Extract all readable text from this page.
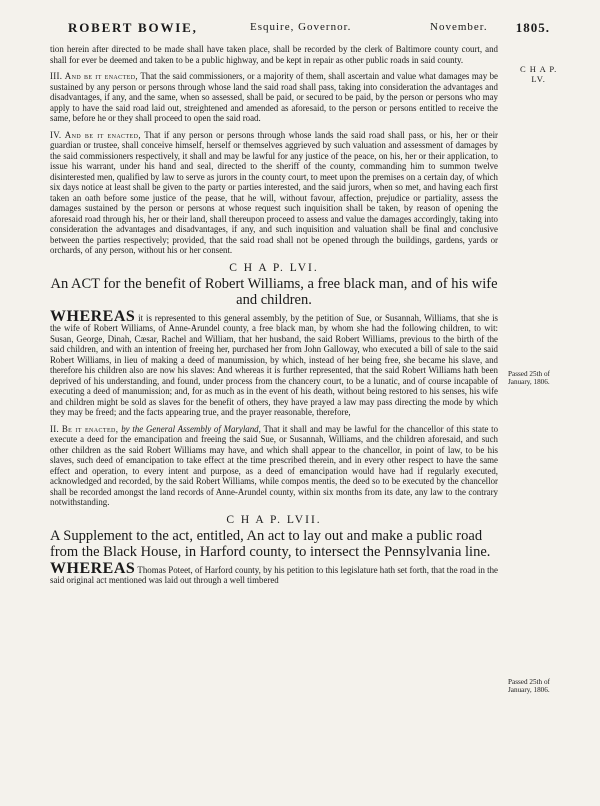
ROBERT BOWIE,	Esquire, Governor.	November. 1805.
C H A P.
LV.
Passed 25th of
January, 1806.
Passed 25th of
January, 1806.

tion herein after directed to be made shall have taken place, shall be recorded by the clerk of Baltimore county court, and shall for ever be deemed and taken to be a public highway, and be kept in repair as other public roads in said county.

III. And be it enacted, That the said commissioners, or a majority of them, shall ascertain and value what damages may be sustained by any person or persons through whose land the said road shall pass, taking into consideration the advantages and disadvantages, if any, and the same, when so assessed, shall be paid, or secured to be paid, by the person or persons who may apply to have the said road laid out, streightened and amended as aforesaid, to the person or persons entitled to receive the same, before he or they shall proceed to open the said road.

IV. And be it enacted, That if any person or persons through whose lands the said road shall pass, or his, her or their guardian or trustee, shall conceive himself, herself or themselves aggrieved by such valuation and assessment of damages by the said commissioners respectively, it shall and may be lawful for any justice of the peace, on his, her or their application, to issue his warrant, under his hand and seal, directed to the sheriff of the county, commanding him to summon twelve disinterested men, qualified by law to serve as jurors in the county court, to meet upon the premises on a certain day, of which six days notice at least shall be given to the party or parties interested, and the said jurors, when so met, and having each first taken an oath before some justice of the pease, that he will, without favour, affection, prejudice or partiality, assess the damages sustained by the person or persons at whose request such inquisition shall be taken, by reason of opening the aforesaid road through his, her or their land, shall thereupon proceed to assess and value the damages accordingly, taking into consideration the advantages and disadvantages, if any, and such inquisition and valuation shall be final and conclusive between the parties respectively; provided, that the said road shall not be opened through the buildings, gardens, yards or orchards, of any person, without his or her consent.

C H A P. LVI.
An ACT for the benefit of Robert Williams, a free black man, and of his wife and children.

WHEREAS it is represented to this general assembly, by the petition of Sue, or Susannah, Williams, that she is the wife of Robert Williams, of Anne-Arundel county, a free black man, by whom she had the following children, to wit: Susan, George, Dinah, Cæsar, Rachel and William, that her husband, the said Robert Williams, previous to the birth of the said children, and with an intention of freeing her, purchased her from John Galloway, who executed a bill of sale to the said Robert Williams, in lieu of making a deed of manumission, by which, instead of her being free, she became his slave, and therefore his children also are now his slaves: And whereas it is further represented, that the said Robert Williams hath been deprived of his understanding, and found, under process from the chancery court, to be a lunatic, and of course incapable of executing a deed of manumission; and, for as much as in the event of his death, without being restored to his senses, his wife and children might be sold as slaves for the benefit of others, they have prayed a law may pass directing the mode by which they may be freed; and the facts appearing true, and the prayer reasonable, therefore,

II. Be it enacted, by the General Assembly of Maryland, That it shall and may be lawful for the chancellor of this state to execute a deed for the emancipation and freeing the said Sue, or Susannah, Williams, and the children aforesaid, and such other children as the said Robert Williams may have, and which shall appear to the chancellor, in point of law, to be his slaves, such deed of emancipation to take effect at the time prescribed therein, and in every other respect to have the same effect and operation, to every intent and purpose, as a deed of emancipation would have had if regularly executed, acknowledged and recorded, by the said Robert Williams, while compos mentis, the deed so to be executed by the chancellor shall be recorded amongst the land records of Anne-Arundel county, within six months from its date, any law to the contrary notwithstanding.

C H A P. LVII.
A Supplement to the act, entitled, An act to lay out and make a public road from the Black House, in Harford county, to intersect the Pennsylvania line.

WHEREAS Thomas Poteet, of Harford county, by his petition to this legislature hath set forth, that the road in the said original act mentioned was laid out through a well timbered
